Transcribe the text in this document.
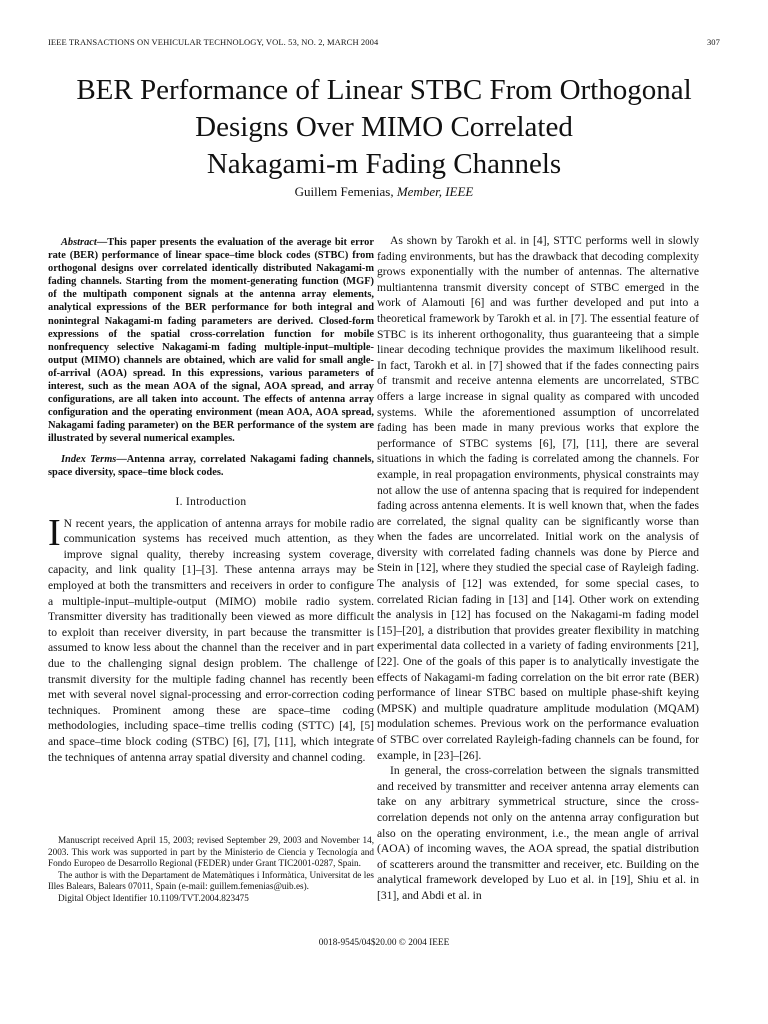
IEEE TRANSACTIONS ON VEHICULAR TECHNOLOGY, VOL. 53, NO. 2, MARCH 2004	307
BER Performance of Linear STBC From Orthogonal
Designs Over MIMO Correlated
Nakagami-m Fading Channels
Guillem Femenias, Member, IEEE

Abstract—This paper presents the evaluation of the average bit error rate (BER) performance of linear space–time block codes (STBC) from orthogonal designs over correlated identically distributed Nakagami-m fading channels. Starting from the moment-generating function (MGF) of the multipath component signals at the antenna array elements, analytical expressions of the BER performance for both integral and nonintegral Nakagami-m fading parameters are derived. Closed-form expressions of the spatial cross-correlation function for mobile nonfrequency selective Nakagami-m fading multiple-input–multiple-output (MIMO) channels are obtained, which are valid for small angle-of-arrival (AOA) spread. In this expressions, various parameters of interest, such as the mean AOA of the signal, AOA spread, and array configurations, are all taken into account. The effects of antenna array configuration and the operating environment (mean AOA, AOA spread, Nakagami fading parameter) on the BER performance of the system are illustrated by several numerical examples.

Index Terms—Antenna array, correlated Nakagami fading channels, space diversity, space–time block codes.

I. Introduction

I N recent years, the application of antenna arrays for mobile radio communication systems has received much attention, as they improve signal quality, thereby increasing system coverage, capacity, and link quality [1]–[3]. These antenna arrays may be employed at both the transmitters and receivers in order to configure a multiple-input–multiple-output (MIMO) mobile radio system. Transmitter diversity has traditionally been viewed as more difficult to exploit than receiver diversity, in part because the transmitter is assumed to know less about the channel than the receiver and in part due to the challenging signal design problem. The challenge of transmit diversity for the multiple fading channel has recently been met with several novel signal-processing and error-correction coding techniques. Prominent among these are space–time coding methodologies, including space–time trellis coding (STTC) [4], [5] and space–time block coding (STBC) [6], [7], [11], which integrate the techniques of antenna array spatial diversity and channel coding.

Manuscript received April 15, 2003; revised September 29, 2003 and November 14, 2003. This work was supported in part by the Ministerio de Ciencia y Tecnología and Fondo Europeo de Desarrollo Regional (FEDER) under Grant TIC2001-0287, Spain.

The author is with the Departament de Matemàtiques i Informàtica, Universitat de les Illes Balears, Balears 07011, Spain (e-mail: guillem.femenias@uib.es).

Digital Object Identifier 10.1109/TVT.2004.823475

As shown by Tarokh et al. in [4], STTC performs well in slowly fading environments, but has the drawback that decoding complexity grows exponentially with the number of antennas. The alternative multiantenna transmit diversity concept of STBC emerged in the work of Alamouti [6] and was further developed and put into a theoretical framework by Tarokh et al. in [7]. The essential feature of STBC is its inherent orthogonality, thus guaranteeing that a simple linear decoding technique provides the maximum likelihood result. In fact, Tarokh et al. in [7] showed that if the fades connecting pairs of transmit and receive antenna elements are uncorrelated, STBC offers a large increase in signal quality as compared with uncoded systems. While the aforementioned assumption of uncorrelated fading has been made in many previous works that explore the performance of STBC systems [6], [7], [11], there are several situations in which the fading is correlated among the channels. For example, in real propagation environments, physical constraints may not allow the use of antenna spacing that is required for independent fading across antenna elements. It is well known that, when the fades are correlated, the signal quality can be significantly worse than when the fades are uncorrelated. Initial work on the analysis of diversity with correlated fading channels was done by Pierce and Stein in [12], where they studied the special case of Rayleigh fading. The analysis of [12] was extended, for some special cases, to correlated Rician fading in [13] and [14]. Other work on extending the analysis in [12] has focused on the Nakagami-m fading model [15]–[20], a distribution that provides greater flexibility in matching experimental data collected in a variety of fading environments [21], [22]. One of the goals of this paper is to analytically investigate the effects of Nakagami-m fading correlation on the bit error rate (BER) performance of linear STBC based on multiple phase-shift keying (MPSK) and multiple quadrature amplitude modulation (MQAM) modulation schemes. Previous work on the performance evaluation of STBC over correlated Rayleigh-fading channels can be found, for example, in [23]–[26].

In general, the cross-correlation between the signals transmitted and received by transmitter and receiver antenna array elements can take on any arbitrary symmetrical structure, since the cross-correlation depends not only on the antenna array configuration but also on the operating environment, i.e., the mean angle of arrival (AOA) of incoming waves, the AOA spread, the spatial distribution of scatterers around the transmitter and receiver, etc. Building on the analytical framework developed by Luo et al. in [19], Shiu et al. in [31], and Abdi et al. in

0018-9545/04$20.00 © 2004 IEEE
